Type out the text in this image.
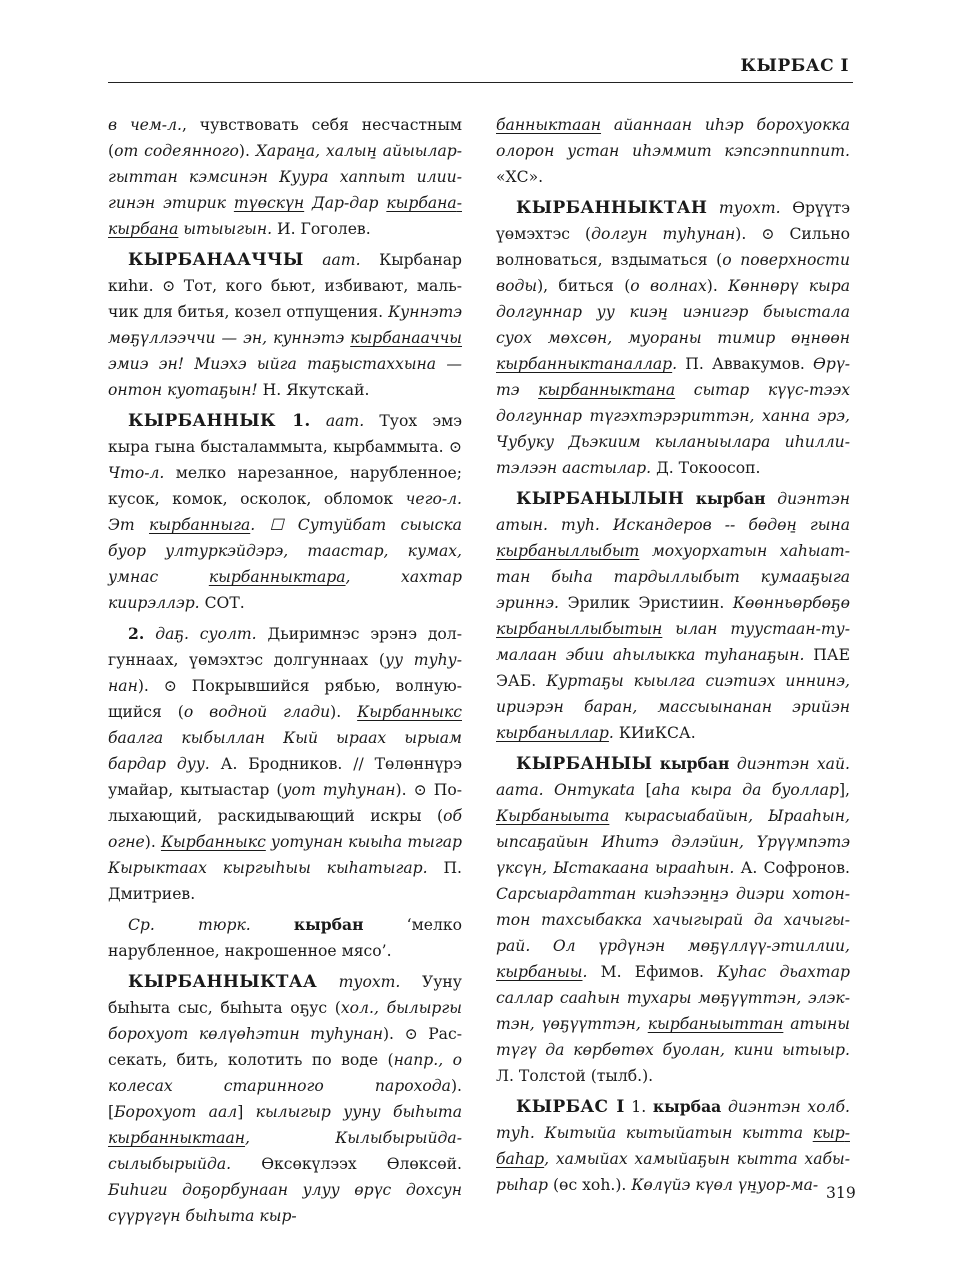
КЫРБАС I

в чем-л., чувствовать себя несчастным (от содеянного). Харан̱а, халын̱ айыыларгыттан кэмсинэн Куура хаппыт илиигинэн этирик түөскүн Дар-дар кырбанакырбана ытыыгын. И. Гоголев.

КЫРБАНААЧЧЫ аат. Кырбанар киһи. ⊙ Тот, кого бьют, избивают, мальчик для битья, козел отпущения. Куннэтэ мөҕүллээччи — эн, куннэтэ кырбанааччы эмиэ эн! Миэхэ ыйга таҕыстаххына — онтон куотаҕын! Н. Якутскай.

КЫРБАННЫК 1. аат. Туох эмэ кыра гына бысталаммыта, кырбаммыта. ⊙ Что-л. мелко нарезанное, нарубленное; кусок, комок, осколок, обломок чего-л. Эт кырбанныга. ☐ Сутуйбат сыыска буор ултуркэйдэрэ, таастар, кумах, умнас кырбанныктара, хахтар киирэллэр. СОТ.

2. даҕ. суолт. Дьиримнэс эрэнэ долгуннаах, үөмэхтэс долгуннаах (уу туһунан). ⊙ Покрывшийся рябью, волнующийся (о водной глади). Кырбанныкс баалга кыбыллан Кый ыраах ырыам бардар дуу. А. Бродников. // Төлөннүрэ умайар, кытыастар (уот туһунан). ⊙ Полыхающий, раскидывающий искры (об огне). Кырбанныкс уотунан кыыһа тыгар Кырыктаах кыргыһыы кыһатыгар. П. Дмитриев.

Ср. тюрк.	кырбан ‘мелко нарубленное, накрошенное мясо’.

КЫРБАННЫКТАА туохт. Ууну быһыта сыс, быһыта оҕус (хол., былыргы борохуот көлүөһэтин туһунан). ⊙ Рассекать, бить, колотить по воде (напр., о колесах старинного парохода). [Борохуот аал] кылыгыр ууну быһыта кырбанныктаан, Кылыбырыйда-сылыбырыйда. Өксөкүлээх Өлөксөй. Биһиги доҕорбунаан улуу өрүс дохсун сүүрүгүн быһыта кыр-

банныктаан айаннаан иһэр борохуокка олорон устан иһэммит кэпсэппиппит. «ХС».

КЫРБАННЫКТАН туохт. Өрүүтэ үөмэхтэс (долгун туһунан). ⊙ Сильно волноваться, вздыматься (о поверхности воды), биться (о волнах). Көннөрү кыра долгуннар уу киэн̱ иэнигэр быыстала суох мөхсөн, муораны тимир өн̱нөөн кырбанныктаналлар. П. Аввакумов. Өрүтэ кырбанныктана сытар күүс-тээх долгуннар түгэхтэрэриттэн, ханна эрэ, Чубуку Дьэкиим кыланыылара иһиллитэлээн аастылар. Д. Токоосоп.

КЫРБАНЫЛЫН кырбан диэнтэн атын. туһ. Искандеров -- бөдөн̱ гына кырбаныллыбыт мохуорхатын хаһыаттан быһа тардыллыбыт кумааҕыга эриннэ. Эрилик Эристиин. Көөнньөрбөҕө кырбаныллыбытын ылан туустаан-тумалаан эбии аһылыкка туһанаҕын. ПАЕ ЭАБ. Куртаҕы кыылга сиэтиэх иннинэ, ириэрэн баран, массыынанан эрийэн кырбаныллар. КИиКСА.

КЫРБАНЫЫ кырбан диэнтэн хай. аата. Онтукаta [аһа кыра да буоллар], Кырбаныыта кырасыабайын, Ырааһын, ыпсаҕайын Иһитэ дэлэйин, Үрүүмпэтэ үксүн, Ыстакаана ырааһын. А. Софронов. Сарсыардаттан киэһээн̱н̱э диэри хотонтон тахсыбакка хачыгырай да хачыгырай. Ол үрдүнэн мөҕүллүү-этиллии, кырбаныы. М. Ефимов. Куһас дьахтар саллар сааһын тухары мөҕүүттэн, элэктэн, үөҕүүттэн, кырбаныыттан атыны түгү да көрбөтөх буолан, кини ытыыр. Л. Толстой (тылб.).

КЫРБАС I 1. кырбаа диэнтэн холб. туһ. Кытыйа кытыйатын кытта кырбаһар, хамыйах хамыйаҕын кытта хабырыһар (өс хоһ.). Көлүйэ күөл үн̱уор-ма- 319
